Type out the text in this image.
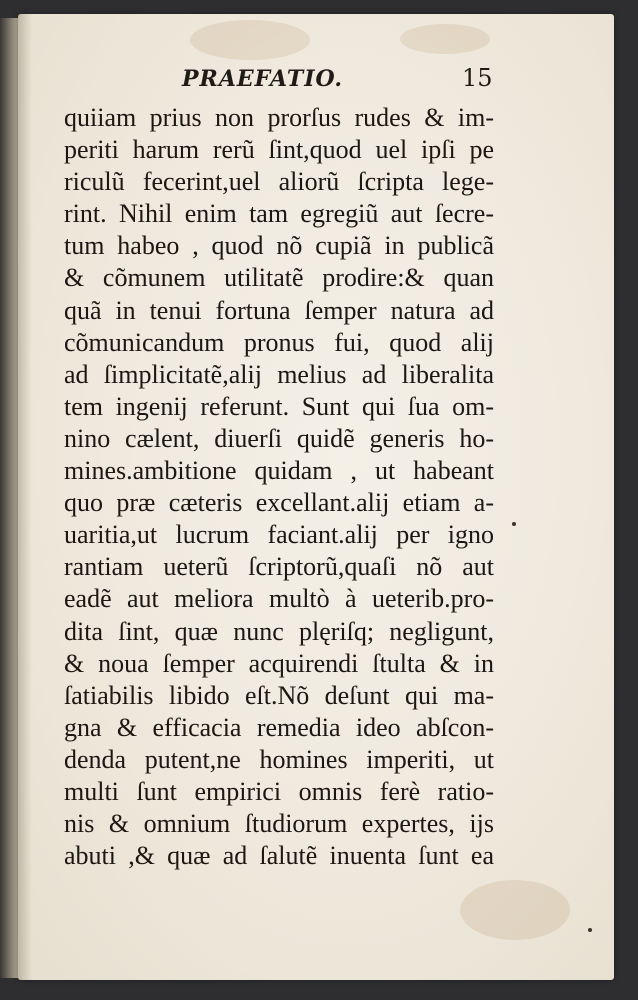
PRAEFATIO.	15
quiiam prius non prorſus rudes & im-
periti harum rerũ ſint,quod uel ipſi pe
riculũ fecerint,uel aliorũ ſcripta lege-
rint. Nihil enim tam egregiũ aut ſecre-
tum habeo , quod nõ cupiã in publicã
& cõmunem utilitatẽ prodire:& quan
quã in tenui fortuna ſemper natura ad
cõmunicandum pronus fui, quod alij
ad ſimplicitatẽ,alij melius ad liberalita
tem ingenij referunt. Sunt qui ſua om-
nino cælent, diuerſi quidẽ generis ho-
mines.ambitione quidam , ut habeant
quo præ cæteris excellant.alij etiam a-
uaritia,ut lucrum faciant.alij per igno
rantiam ueterũ ſcriptorũ,quaſi nõ aut
eadẽ aut meliora multò à ueterib.pro-
dita ſint, quæ nunc plęriſq; negligunt,
& noua ſemper acquirendi ſtulta & in
ſatiabilis libido eſt.Nõ deſunt qui ma-
gna & efficacia remedia ideo abſcon-
denda putent,ne homines imperiti, ut
multi ſunt empirici omnis ferè ratio-
nis & omnium ſtudiorum expertes, ijs
abuti ,& quæ ad ſalutẽ inuenta ſunt ea
